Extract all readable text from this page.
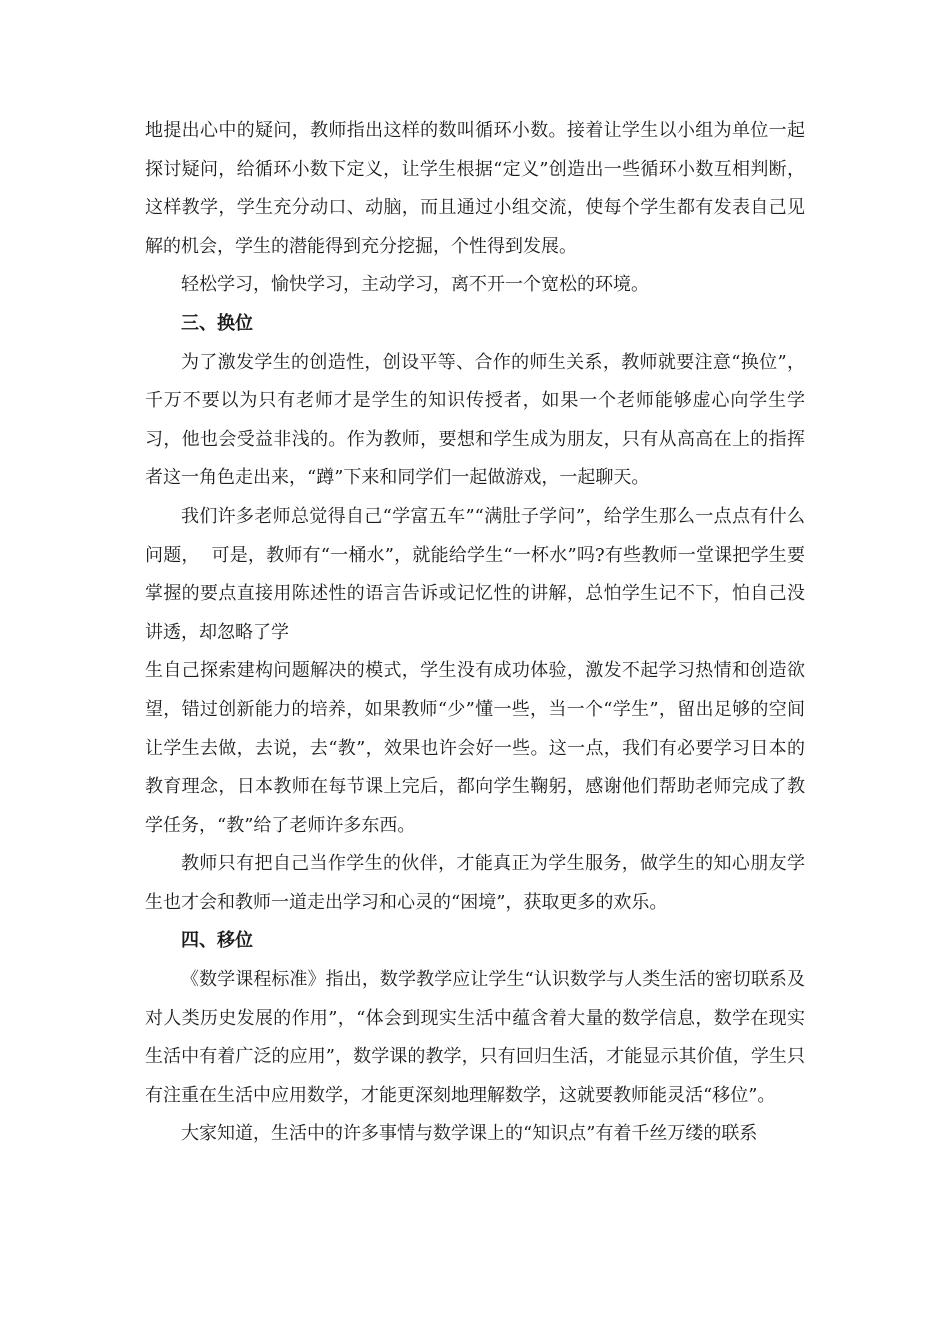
地提出心中的疑问，教师指出这样的数叫循环小数。接着让学生以小组为单位一起探讨疑问，给循环小数下定义，让学生根据“定义”创造出一些循环小数互相判断，这样教学，学生充分动口、动脑，而且通过小组交流，使每个学生都有发表自己见解的机会，学生的潜能得到充分挖掘，个性得到发展。

轻松学习，愉快学习，主动学习，离不开一个宽松的环境。

三、换位

为了激发学生的创造性，创设平等、合作的师生关系，教师就要注意“换位”，千万不要以为只有老师才是学生的知识传授者，如果一个老师能够虚心向学生学习，他也会受益非浅的。作为教师，要想和学生成为朋友，只有从高高在上的指挥者这一角色走出来，“蹲”下来和同学们一起做游戏，一起聊天。

我们许多老师总觉得自己“学富五车”“满肚子学问”，给学生那么一点点有什么问题，  可是，教师有“一桶水”，就能给学生“一杯水”吗?有些教师一堂课把学生要掌握的要点直接用陈述性的语言告诉或记忆性的讲解，总怕学生记不下，怕自己没讲透，却忽略了学

生自己探索建构问题解决的模式，学生没有成功体验，激发不起学习热情和创造欲望，错过创新能力的培养，如果教师“少”懂一些，当一个“学生”，留出足够的空间让学生去做，去说，去“教”，效果也许会好一些。这一点，我们有必要学习日本的教育理念，日本教师在每节课上完后，都向学生鞠躬，感谢他们帮助老师完成了教学任务，“教”给了老师许多东西。

教师只有把自己当作学生的伙伴，才能真正为学生服务，做学生的知心朋友学生也才会和教师一道走出学习和心灵的“困境”，获取更多的欢乐。

四、移位

《数学课程标准》指出，数学教学应让学生“认识数学与人类生活的密切联系及对人类历史发展的作用”，“体会到现实生活中蕴含着大量的数学信息，数学在现实生活中有着广泛的应用”，数学课的教学，只有回归生活，才能显示其价值，学生只有注重在生活中应用数学，才能更深刻地理解数学，这就要教师能灵活“移位”。

大家知道，生活中的许多事情与数学课上的“知识点”有着千丝万缕的联系
